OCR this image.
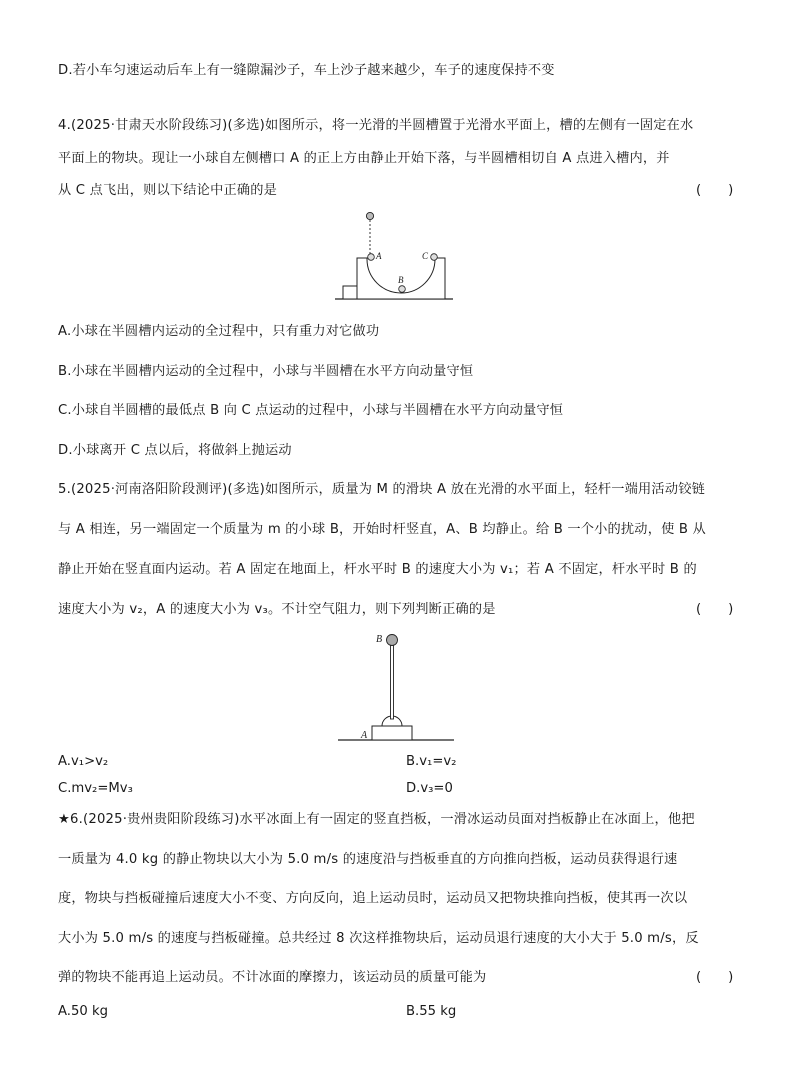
D.若小车匀速运动后车上有一缝隙漏沙子，车上沙子越来越少，车子的速度保持不变
4.(2025·甘肃天水阶段练习)(多选)如图所示，将一光滑的半圆槽置于光滑水平面上，槽的左侧有一固定在水
平面上的物块。现让一小球自左侧槽口 A 的正上方由静止开始下落，与半圆槽相切自 A 点进入槽内，并
从 C 点飞出，则以下结论中正确的是	(　　)
A
B
C
A.小球在半圆槽内运动的全过程中，只有重力对它做功
B.小球在半圆槽内运动的全过程中，小球与半圆槽在水平方向动量守恒
C.小球自半圆槽的最低点 B 向 C 点运动的过程中，小球与半圆槽在水平方向动量守恒
D.小球离开 C 点以后，将做斜上抛运动
5.(2025·河南洛阳阶段测评)(多选)如图所示，质量为 M 的滑块 A 放在光滑的水平面上，轻杆一端用活动铰链
与 A 相连，另一端固定一个质量为 m 的小球 B，开始时杆竖直，A、B 均静止。给 B 一个小的扰动，使 B 从
静止开始在竖直面内运动。若 A 固定在地面上，杆水平时 B 的速度大小为 v₁；若 A 不固定，杆水平时 B 的
速度大小为 v₂，A 的速度大小为 v₃。不计空气阻力，则下列判断正确的是	(　　)
B
A
A.v₁>v₂	B.v₁=v₂
C.mv₂=Mv₃	D.v₃=0
★6.(2025·贵州贵阳阶段练习)水平冰面上有一固定的竖直挡板，一滑冰运动员面对挡板静止在冰面上，他把
一质量为 4.0 kg 的静止物块以大小为 5.0 m/s 的速度沿与挡板垂直的方向推向挡板，运动员获得退行速
度，物块与挡板碰撞后速度大小不变、方向反向，追上运动员时，运动员又把物块推向挡板，使其再一次以
大小为 5.0 m/s 的速度与挡板碰撞。总共经过 8 次这样推物块后，运动员退行速度的大小大于 5.0 m/s，反
弹的物块不能再追上运动员。不计冰面的摩擦力，该运动员的质量可能为	(　　)
A.50 kg	B.55 kg
